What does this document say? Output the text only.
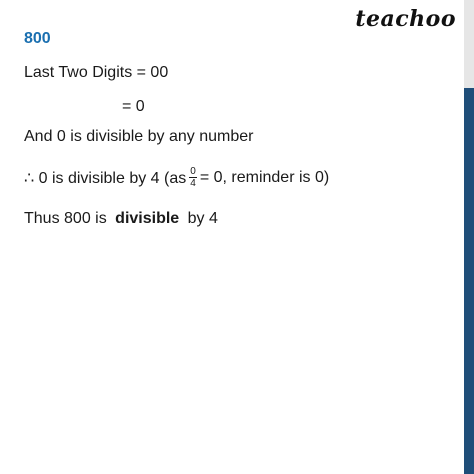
teachoo
800
Last Two Digits = 00
= 0
And 0 is divisible by any number
∴ 0 is divisible by 4 ($as \frac{0}{4} = 0$, reminder is 0)
Thus 800 is divisible by 4
